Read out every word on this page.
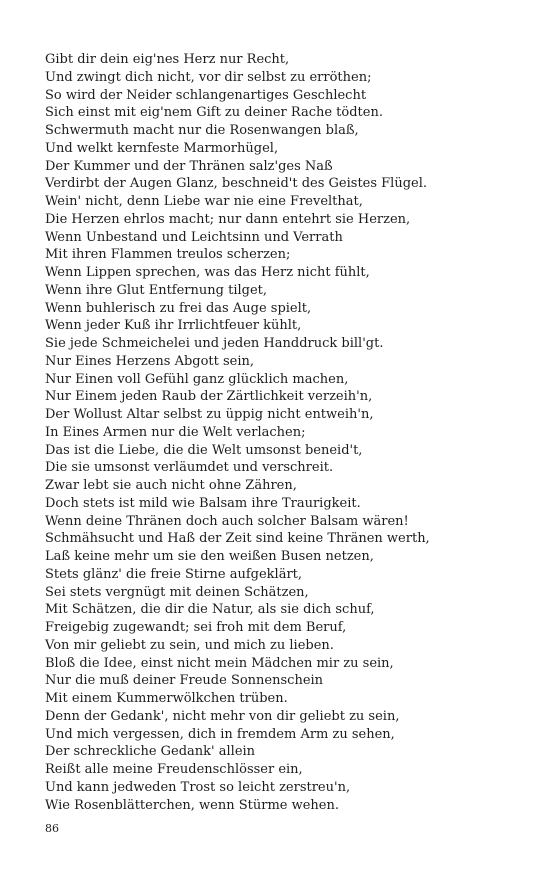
Gibt dir dein eig'nes Herz nur Recht,
Und zwingt dich nicht, vor dir selbst zu erröthen;
So wird der Neider schlangenartiges Geschlecht
Sich einst mit eig'nem Gift zu deiner Rache tödten.
Schwermuth macht nur die Rosenwangen blaß,
Und welkt kernfeste Marmorhügel,
Der Kummer und der Thränen salz'ges Naß
Verdirbt der Augen Glanz, beschneid't des Geistes Flügel.
Wein' nicht, denn Liebe war nie eine Frevelthat,
Die Herzen ehrlos macht; nur dann entehrt sie Herzen,
Wenn Unbestand und Leichtsinn und Verrath
Mit ihren Flammen treulos scherzen;
Wenn Lippen sprechen, was das Herz nicht fühlt,
Wenn ihre Glut Entfernung tilget,
Wenn buhlerisch zu frei das Auge spielt,
Wenn jeder Kuß ihr Irrlichtfeuer kühlt,
Sie jede Schmeichelei und jeden Handdruck bill'gt.
Nur Eines Herzens Abgott sein,
Nur Einen voll Gefühl ganz glücklich machen,
Nur Einem jeden Raub der Zärtlichkeit verzeih'n,
Der Wollust Altar selbst zu üppig nicht entweih'n,
In Eines Armen nur die Welt verlachen;
Das ist die Liebe, die die Welt umsonst beneid't,
Die sie umsonst verläumdet und verschreit.
Zwar lebt sie auch nicht ohne Zähren,
Doch stets ist mild wie Balsam ihre Traurigkeit.
Wenn deine Thränen doch auch solcher Balsam wären!
Schmähsucht und Haß der Zeit sind keine Thränen werth,
Laß keine mehr um sie den weißen Busen netzen,
Stets glänz' die freie Stirne aufgeklärt,
Sei stets vergnügt mit deinen Schätzen,
Mit Schätzen, die dir die Natur, als sie dich schuf,
Freigebig zugewandt; sei froh mit dem Beruf,
Von mir geliebt zu sein, und mich zu lieben.
Bloß die Idee, einst nicht mein Mädchen mir zu sein,
Nur die muß deiner Freude Sonnenschein
Mit einem Kummerwölkchen trüben.
Denn der Gedank', nicht mehr von dir geliebt zu sein,
Und mich vergessen, dich in fremdem Arm zu sehen,
Der schreckliche Gedank' allein
Reißt alle meine Freudenschlösser ein,
Und kann jedweden Trost so leicht zerstreu'n,
Wie Rosenblätterchen, wenn Stürme wehen.
86
